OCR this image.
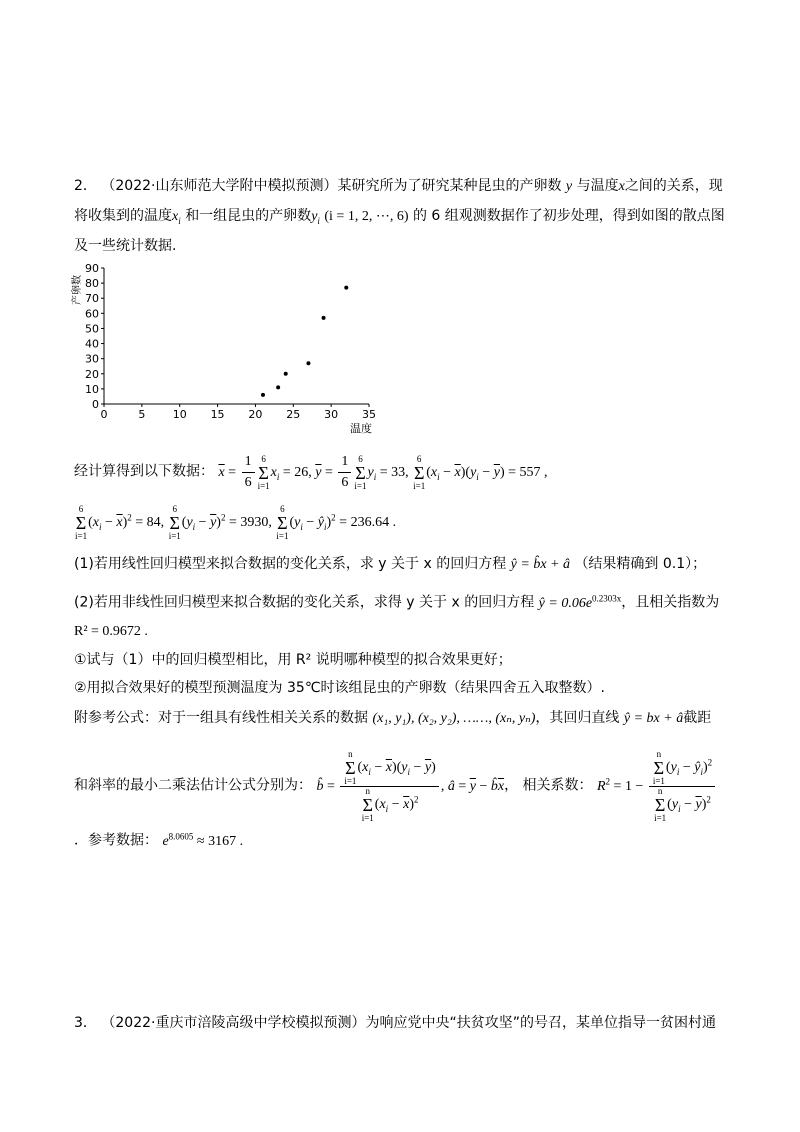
2． （2022·山东师范大学附中模拟预测）某研究所为了研究某种昆虫的产卵数 y 与温度x之间的关系，现
将收集到的温度$x_i$ 和一组昆虫的产卵数$y_i$ (i = 1, 2, ⋯, 6) 的 6 组观测数据作了初步处理，得到如图的散点图
及一些统计数据.
0	5 10 15 20 25 30 35
0
10
20
30
40
50
60
70
80
90
产卵数
温度
经计算得到以下数据： $\overline{x} = \frac{1}{6} 6$
Σ
$i=1x_i = 26$, $\overline{y} = \frac{1}{6} 6$
Σ
$i=1y_i = 33$, 6
Σ
$i=1(x_i - \overline{x})(y_i - \overline{y}) = 557$ ,
6
Σ
$i=1(x_i - \overline{x})^2 = 84$, 6
Σ
$i=1(y_i - \overline{y})^2 = 3930$, 6
Σ
$i=1(y_i$ − $ŷ_i)^2 = 236.64$ .
(1)若用线性回归模型来拟合数据的变化关系，求 y 关于 x 的回归方程 ŷ = b̂x + â （结果精确到 0.1）；
(2)若用非线性回归模型来拟合数据的变化关系，求得 y 关于 x 的回归方程 ŷ = $0.06e^{0.2303x}$，且相关指数为
R² = 0.9672 .
①试与（1）中的回归模型相比，用 R² 说明哪种模型的拟合效果更好；
②用拟合效果好的模型预测温度为 35℃时该组昆虫的产卵数（结果四舍五入取整数）.
附参考公式：对于一组具有线性相关关系的数据 (x₁, y₁), (x₂, y₂), ……, (xₙ, yₙ)，其回归直线 ŷ = bx + â截距
和斜率的最小二乘法估计公式分别为： b̂ = n
Σ
$i=1(x_i - \overline{x})(y_i - \overline{y})$
n
Σ
$i=1(x_i - \overline{x})^2$ , â = $\overline{y}$ − $b̂\overline{x}$， 相关系数： $R^2 = 1 - n$
Σ
$i=1(y_i$ − $ŷ_i)^2$
n
Σ
$i=1(y_i - \overline{y})^2$
．参考数据： $e^{8.0605} \approx 3167$ .
3． （2022·重庆市涪陵高级中学校模拟预测）为响应党中央“扶贫攻坚”的号召，某单位指导一贫困村通
